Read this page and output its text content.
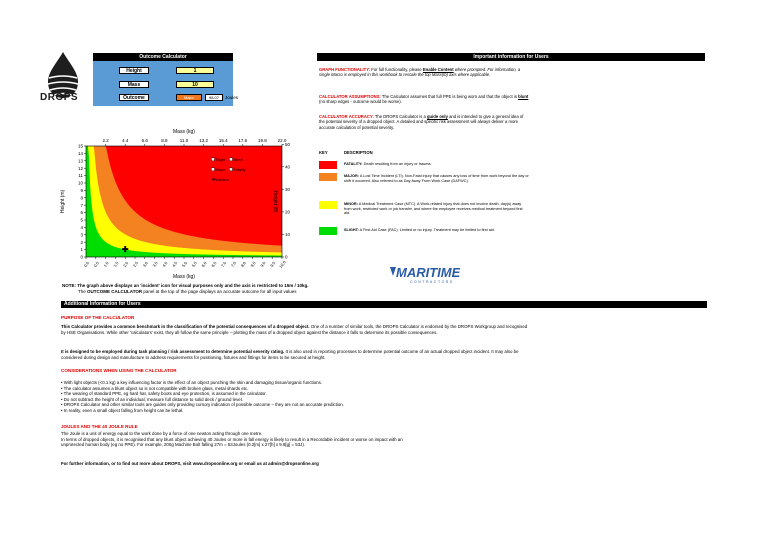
DROPS
Outcome Calculator
Height	1
Mass	10
Outcome	Major	98.07	Joules
0
1
2
3
4
5
6
7
8
9
10
11
12
13
14
15
0
10
20
30
40
50
2.2	4.4	6.6	8.8	11.0 13.2 15.4 17.6 19.8 22.0
0.0 0.5 1.0 1.5 2.0 2.5 3.0 3.5 4.0 4.5 5.0 5.5 6.0 6.5 7.0 7.5 8.0 8.5 9.0 9.5 10.0
Mass (kg)
Mass (kg)
Height (m)	Height (ft)
Slight Minor
Major Fatality
✚ Incident
✚
NOTE: The graph above displays an 'incident' icon for visual purposes only and the axis is restricted to 15m / 10kg.
The OUTCOME CALCULATOR panel at the top of the page displays an accurate outcome for all input values
Important information for Users
GRAPH FUNCTIONALITY: For full functionality, please Enable Content where prompted. For information, a single Macro is employed in this workbook to rescale the top Mass(lb) axis where applicable.
CALCULATOR ASSUMPTIONS: The Calculator assumes that full PPE is being worn and that the object is blunt (no sharp edges - outcome would be worse).
CALCULATOR ACCURACY: The DROPS Calculator is a guide only and is intended to give a general idea of the potential severity of a dropped object. A detailed and specific risk assessment will always deliver a more accurate calculation of potential severity.
KEY	DESCRIPTION
FATALITY: Death resulting from an injury or trauma.
MAJOR: A Lost Time Incident (LTI). Non-Fatal injury that causes any loss of time from work beyond the day or shift it occurred. Also referred to as Day Away From Work Case (DAFWC).
MINOR: A Medical Treatment Case (MTC). A Work-related injury that does not involve death, day(s) away from work, restricted work or job transfer, and where the employee receives medical treatment beyond first aid.
SLIGHT: A First Aid Case (FAC). Limited or no injury. Treatment may be limited to first aid.
MARITIME
CONTRACTORS
Additional Information for Users
PURPOSE OF THE CALCULATOR
This Calculator provides a common benchmark in the classification of the potential consequences of a dropped object. One of a number of similar tools, the DROPS Calculator is endorsed by the DROPS Workgroup and recognised by HSE Organisations. While other 'calculators' exist, they all follow the same principle – plotting the mass of a dropped object against the distance it falls to determine its possible consequences.
It is designed to be employed during task planning / risk assessment to determine potential severity rating. It is also used in reporting processes to determine potential outcome of an actual dropped object incident. It may also be considered during design and manufacture to address requirements for positioning, fixtures and fittings for items to be secured at height.
CONSIDERATIONS WHEN USING THE CALCULATOR
• With light objects (<0.1 kg) a key influencing factor is the effect of an object punching the skin and damaging tissue/organic functions.
• The calculator assumes a blunt object so is not compatible with broken glass, metal shards etc.
• The wearing of standard PPE, eg hard hat, safety boots and eye protection, is assumed in the calculator.
• Do not subtract the height of an individual, measure full distance to solid deck / ground level.
• DROPS Calculator and other similar tools are guides only providing cursory indication of possible outcome – they are not an accurate prediction.
• In reality, even a small object falling from height can be lethal.
JOULES AND THE 40 JOULE RULE
The Joule is a unit of energy equal to the work done by a force of one newton acting through one metre.
In terms of dropped objects, it is recognised that any blunt object achieving 40 Joules or more in fall energy is likely to result in a Recordable incident or worse on impact with an
unprotected human body (eg no PPE). For example, 200g Machine Bolt falling 27m = 53Joules (0.2[m] x 27[h] x 9.8[g] = 53J).
For further information, or to find out more about DROPS, visit www.dropsonline.org or email us at admin@dropsonline.org
